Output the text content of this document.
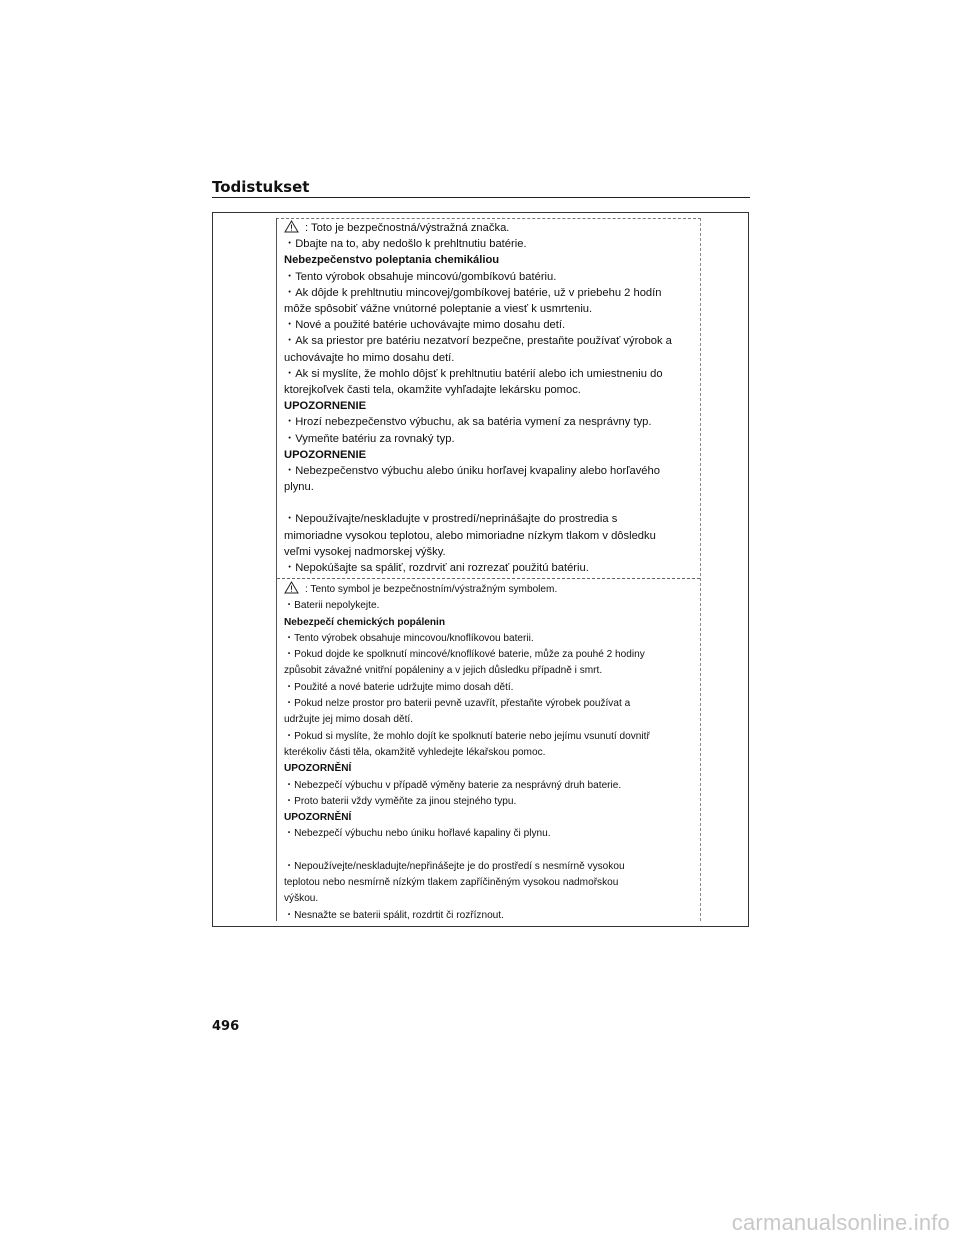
Todistukset
: Toto je bezpečnostná/výstražná značka.
・Dbajte na to, aby nedošlo k prehltnutiu batérie.
Nebezpečenstvo poleptania chemikáliou
・Tento výrobok obsahuje mincovú/gombíkovú batériu.
・Ak dôjde k prehltnutiu mincovej/gombíkovej batérie, už v priebehu 2 hodín
môže spôsobiť vážne vnútorné poleptanie a viesť k usmrteniu.
・Nové a použité batérie uchovávajte mimo dosahu detí.
・Ak sa priestor pre batériu nezatvorí bezpečne, prestaňte používať výrobok a
uchovávajte ho mimo dosahu detí.
・Ak si myslíte, že mohlo dôjsť k prehltnutiu batérií alebo ich umiestneniu do
ktorejkoľvek časti tela, okamžite vyhľadajte lekársku pomoc.
UPOZORNENIE
・Hrozí nebezpečenstvo výbuchu, ak sa batéria vymení za nesprávny typ.
・Vymeňte batériu za rovnaký typ.
UPOZORNENIE
・Nebezpečenstvo výbuchu alebo úniku horľavej kvapaliny alebo horľavého
plynu.
・Nepoužívajte/neskladujte v prostredí/neprinášajte do prostredia s
mimoriadne vysokou teplotou, alebo mimoriadne nízkym tlakom v dôsledku
veľmi vysokej nadmorskej výšky.
・Nepokúšajte sa spáliť, rozdrviť ani rozrezať použitú batériu.
: Tento symbol je bezpečnostním/výstražným symbolem.
・Baterii nepolykejte.
Nebezpečí chemických popálenin
・Tento výrobek obsahuje mincovou/knoflíkovou baterii.
・Pokud dojde ke spolknutí mincové/knoflíkové baterie, může za pouhé 2 hodiny
způsobit závažné vnitřní popáleniny a v jejich důsledku případně i smrt.
・Použité a nové baterie udržujte mimo dosah dětí.
・Pokud nelze prostor pro baterii pevně uzavřít, přestaňte výrobek používat a
udržujte jej mimo dosah dětí.
・Pokud si myslíte, že mohlo dojít ke spolknutí baterie nebo jejímu vsunutí dovnitř
kterékoliv části těla, okamžitě vyhledejte lékařskou pomoc.
UPOZORNĚNÍ
・Nebezpečí výbuchu v případě výměny baterie za nesprávný druh baterie.
・Proto baterii vždy vyměňte za jinou stejného typu.
UPOZORNĚNÍ
・Nebezpečí výbuchu nebo úniku hořlavé kapaliny či plynu.
・Nepoužívejte/neskladujte/nepřinášejte je do prostředí s nesmírně vysokou
teplotou nebo nesmírně nízkým tlakem zapříčiněným vysokou nadmořskou
výškou.
・Nesnažte se baterii spálit, rozdrtit či rozříznout.
496
carmanualsonline.info
